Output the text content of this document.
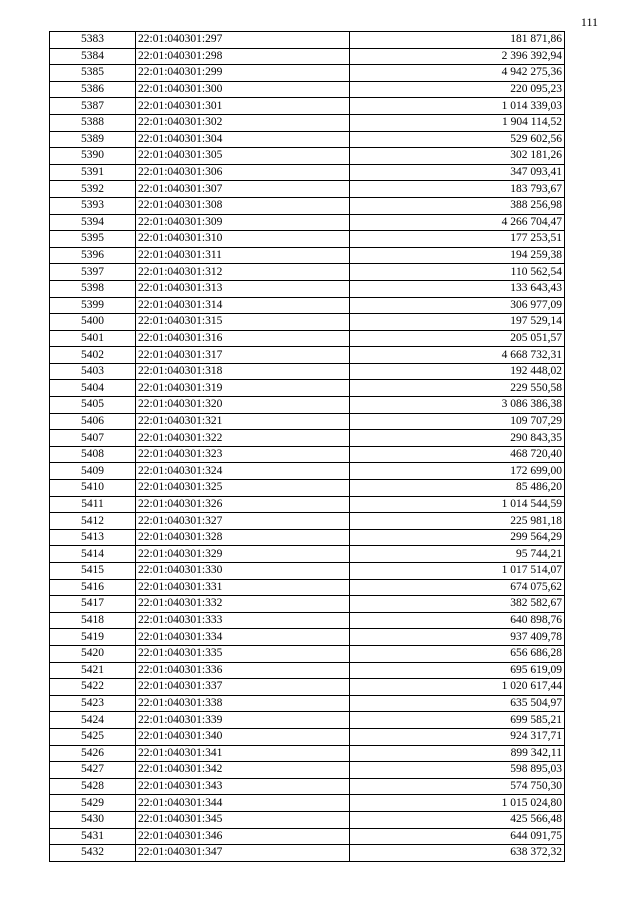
111
5383	22:01:040301:297	181 871,86
5384	22:01:040301:298	2 396 392,94
5385	22:01:040301:299	4 942 275,36
5386	22:01:040301:300	220 095,23
5387	22:01:040301:301	1 014 339,03
5388	22:01:040301:302	1 904 114,52
5389	22:01:040301:304	529 602,56
5390	22:01:040301:305	302 181,26
5391	22:01:040301:306	347 093,41
5392	22:01:040301:307	183 793,67
5393	22:01:040301:308	388 256,98
5394	22:01:040301:309	4 266 704,47
5395	22:01:040301:310	177 253,51
5396	22:01:040301:311	194 259,38
5397	22:01:040301:312	110 562,54
5398	22:01:040301:313	133 643,43
5399	22:01:040301:314	306 977,09
5400	22:01:040301:315	197 529,14
5401	22:01:040301:316	205 051,57
5402	22:01:040301:317	4 668 732,31
5403	22:01:040301:318	192 448,02
5404	22:01:040301:319	229 550,58
5405	22:01:040301:320	3 086 386,38
5406	22:01:040301:321	109 707,29
5407	22:01:040301:322	290 843,35
5408	22:01:040301:323	468 720,40
5409	22:01:040301:324	172 699,00
5410	22:01:040301:325	85 486,20
5411	22:01:040301:326	1 014 544,59
5412	22:01:040301:327	225 981,18
5413	22:01:040301:328	299 564,29
5414	22:01:040301:329	95 744,21
5415	22:01:040301:330	1 017 514,07
5416	22:01:040301:331	674 075,62
5417	22:01:040301:332	382 582,67
5418	22:01:040301:333	640 898,76
5419	22:01:040301:334	937 409,78
5420	22:01:040301:335	656 686,28
5421	22:01:040301:336	695 619,09
5422	22:01:040301:337	1 020 617,44
5423	22:01:040301:338	635 504,97
5424	22:01:040301:339	699 585,21
5425	22:01:040301:340	924 317,71
5426	22:01:040301:341	899 342,11
5427	22:01:040301:342	598 895,03
5428	22:01:040301:343	574 750,30
5429	22:01:040301:344	1 015 024,80
5430	22:01:040301:345	425 566,48
5431	22:01:040301:346	644 091,75
5432	22:01:040301:347	638 372,32
